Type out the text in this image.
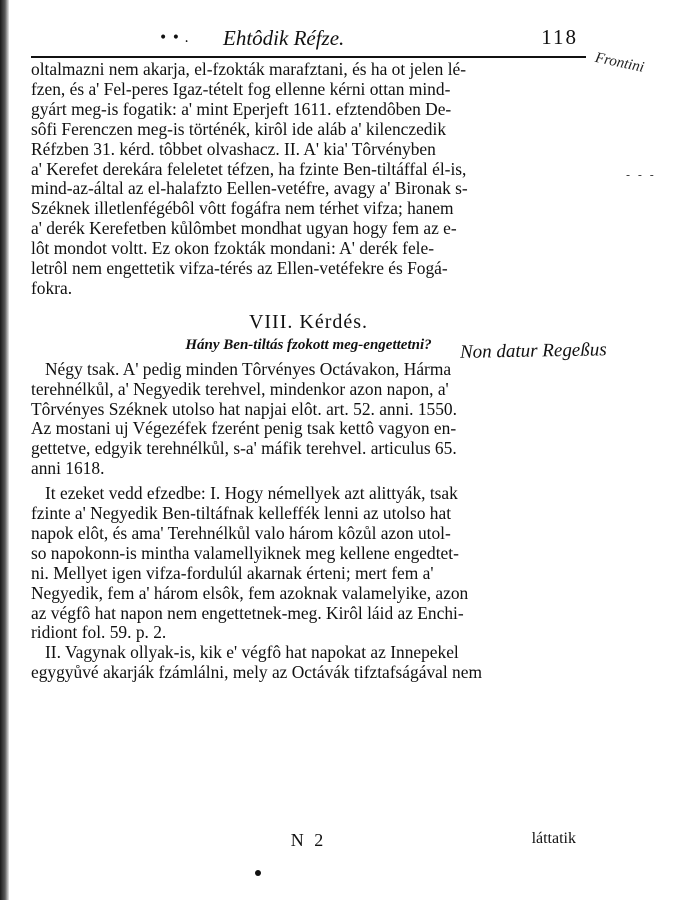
• • . Ehtôdik Réfze.	118
oltalmazni nem akarja, el-fzokták marafztani, és ha ot jelen lé-
fzen, és a' Fel-peres Igaz-tételt fog ellenne kérni ottan mind-
gyárt meg-is fogatik: a' mint Eperjeft 1611. efztendôben De-
sôfi Ferenczen meg-is történék, kirôl ide aláb a' kilenczedik
Réfzben 31. kérd. tôbbet olvashacz. II. A' kia' Tôrvényben
a' Kerefet derekára feleletet téfzen, ha fzinte Ben-tiltáffal él-is,
mind-az-által az el-halafzto Eellen-vetéfre, avagy a' Bironak s-
Széknek illetlenfégébôl vôtt fogáfra nem térhet vifza; hanem
a' derék Kerefetben kůlômbet mondhat ugyan hogy fem az e-
lôt mondot voltt. Ez okon fzokták mondani: A' derék fele-
letrôl nem engettetik vifza-térés az Ellen-vetéfekre és Fogá-
fokra.
VIII. Kérdés.
Hány Ben-tiltás fzokott meg-engettetni?
Négy tsak. A' pedig minden Tôrvényes Octávakon, Hárma
terehnélkůl, a' Negyedik terehvel, mindenkor azon napon, a'
Tôrvényes Széknek utolso hat napjai elôt. art. 52. anni. 1550.
Az mostani uj Végezéfek fzerént penig tsak kettô vagyon en-
gettetve, edgyik terehnélkůl, s-a' máfik terehvel. articulus 65.
anni 1618.
It ezeket vedd efzedbe: I. Hogy némellyek azt alittyák, tsak
fzinte a' Negyedik Ben-tiltáfnak kelleffék lenni az utolso hat
napok elôt, és ama' Terehnélkůl valo három kôzůl azon utol-
so napokonn-is mintha valamellyiknek meg kellene engedtet-
ni. Mellyet igen vifza-fordulúl akarnak érteni; mert fem a'
Negyedik, fem a' három elsôk, fem azoknak valamelyike, azon
az végfô hat napon nem engettetnek-meg. Kirôl láid az Enchi-
ridiont fol. 59. p. 2.
II. Vagynak ollyak-is, kik e' végfô hat napokat az Innepekel
egygyůvé akarják fzámlálni, mely az Octávák tifztafságával nem
N 2	láttatik
Frontini
- - -
Non datur Regeßus
